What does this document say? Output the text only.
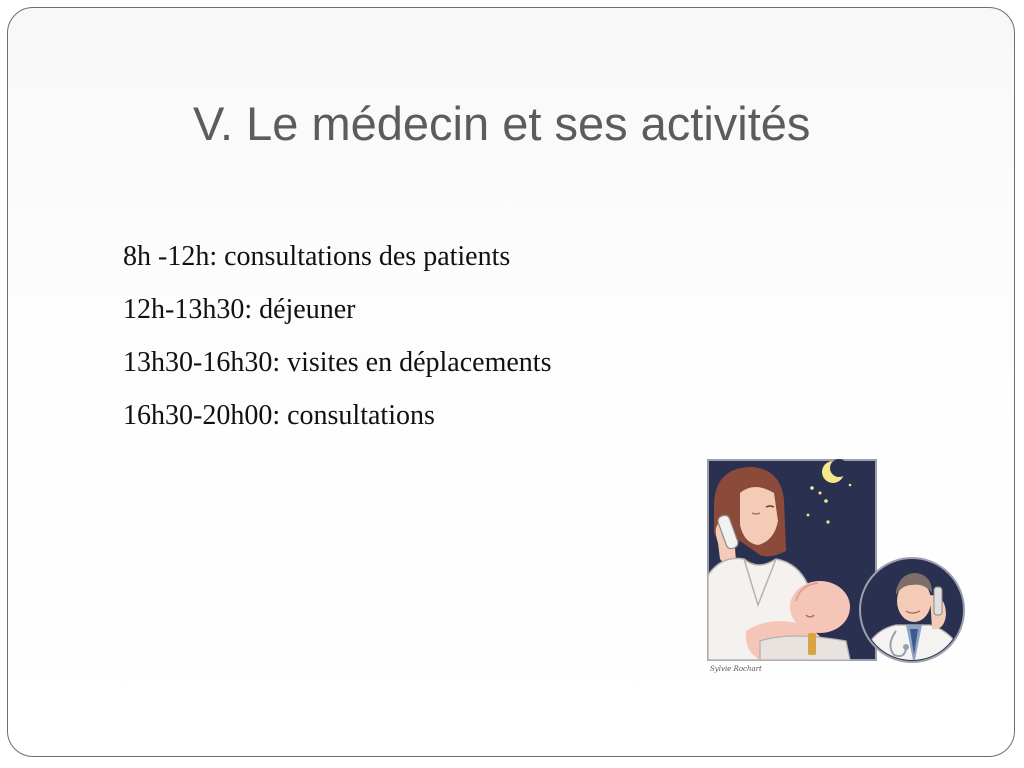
V. Le médecin et ses activités
8h -12h: consultations des patients
12h-13h30: déjeuner
13h30-16h30: visites en déplacements
16h30-20h00: consultations
Sylvie Rochart
